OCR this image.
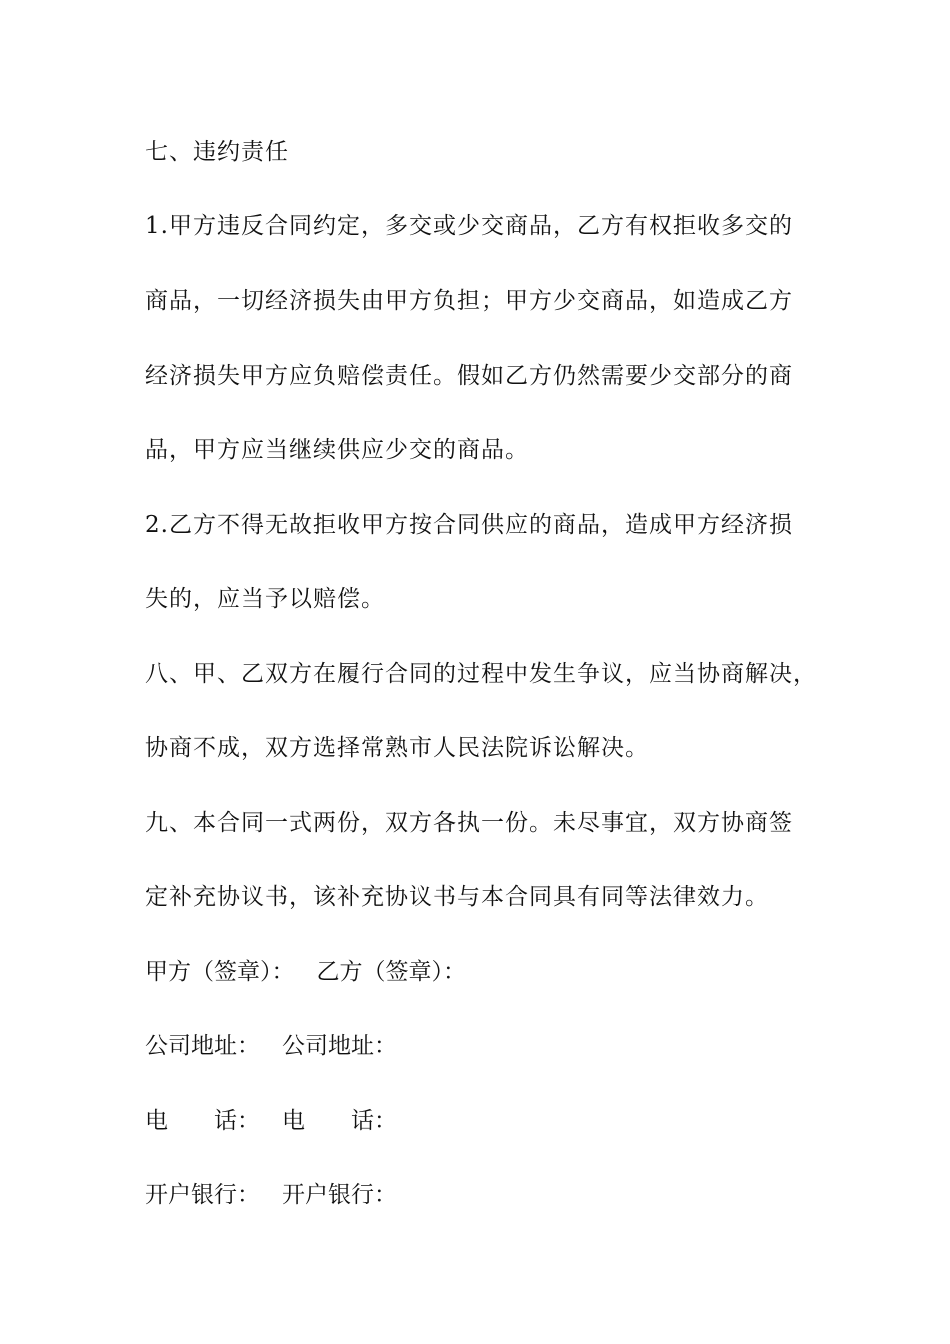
七、违约责任
1.甲方违反合同约定，多交或少交商品，乙方有权拒收多交的
商品，一切经济损失由甲方负担；甲方少交商品，如造成乙方
经济损失甲方应负赔偿责任。假如乙方仍然需要少交部分的商
品，甲方应当继续供应少交的商品。
2.乙方不得无故拒收甲方按合同供应的商品，造成甲方经济损
失的，应当予以赔偿。
八、甲、乙双方在履行合同的过程中发生争议，应当协商解决，
协商不成，双方选择常熟市人民法院诉讼解决。
九、本合同一式两份，双方各执一份。未尽事宜，双方协商签
定补充协议书，该补充协议书与本合同具有同等法律效力。
甲方（签章）： 乙方（签章）：
公司地址： 公司地址：
电　　话： 电　　话：
开户银行： 开户银行：
